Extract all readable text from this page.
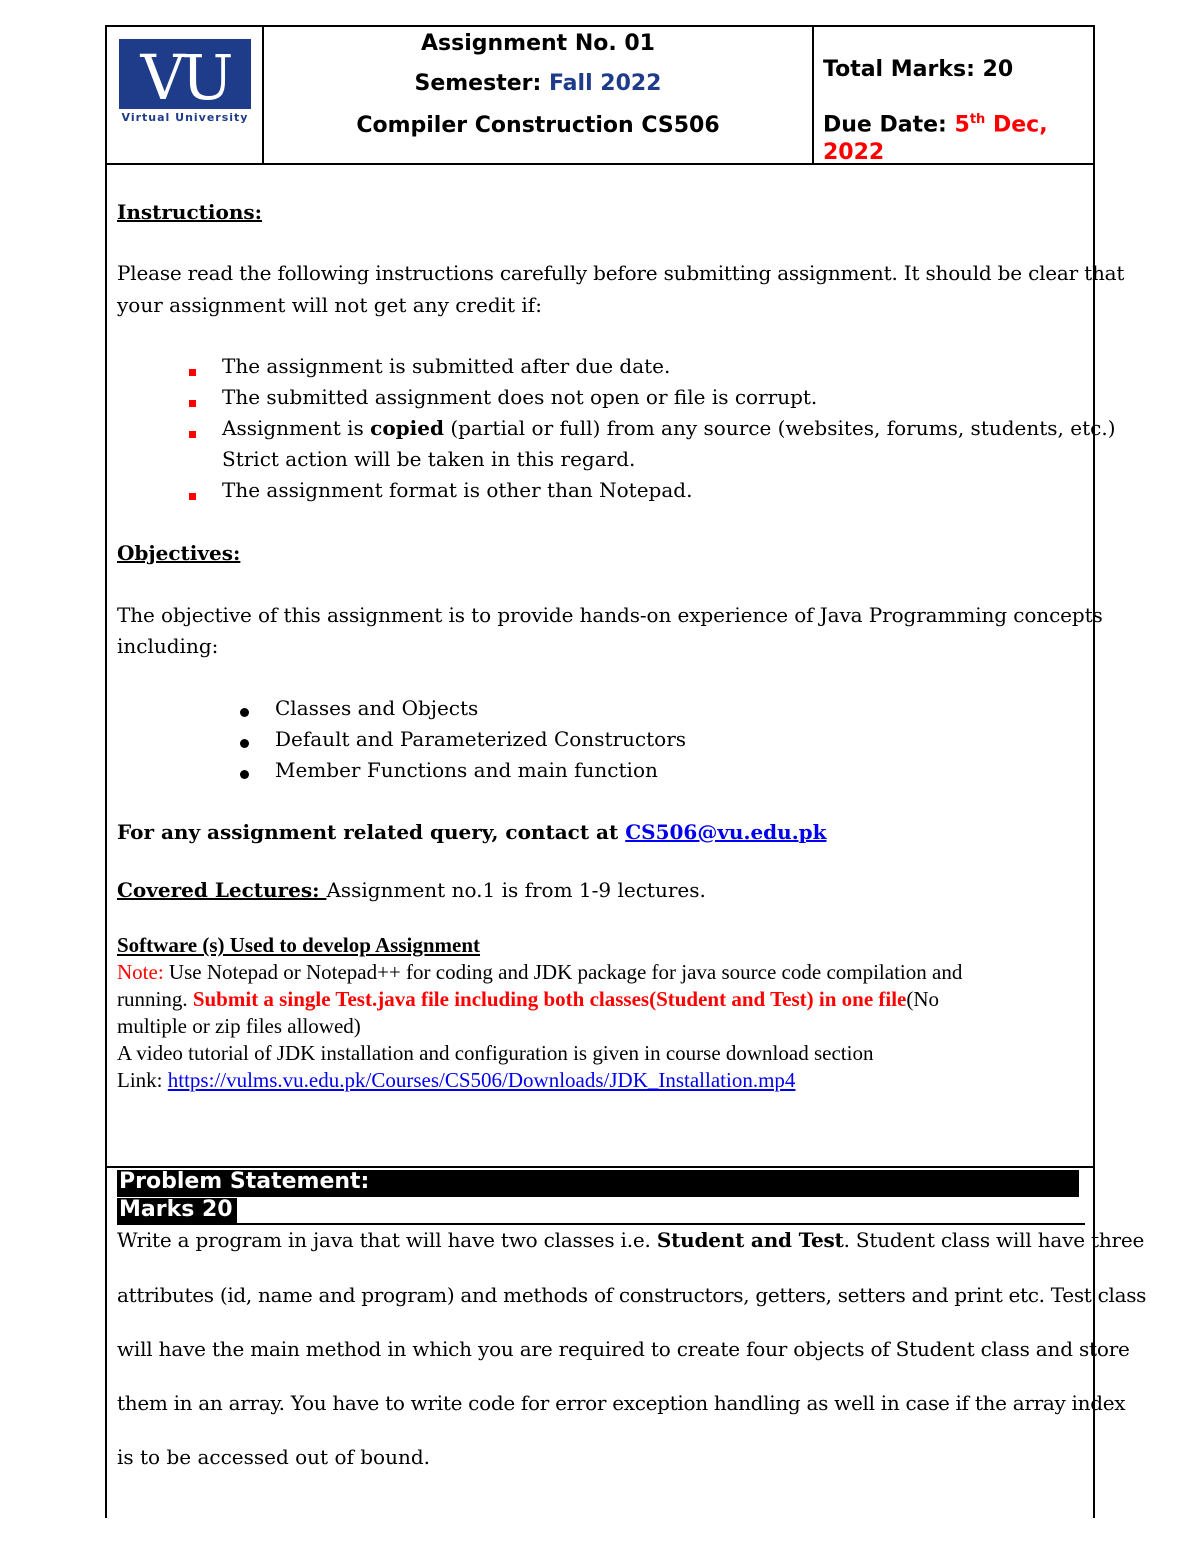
VU
Virtual University
Assignment No. 01
Semester: Fall 2022
Compiler Construction CS506
Total Marks: 20
Due Date: 5th Dec,
2022
Instructions:
Please read the following instructions carefully before submitting assignment. It should be clear that
your assignment will not get any credit if:
The assignment is submitted after due date.
The submitted assignment does not open or file is corrupt.
Assignment is copied (partial or full) from any source (websites, forums, students, etc.)
Strict action will be taken in this regard.
The assignment format is other than Notepad.
Objectives:
The objective of this assignment is to provide hands-on experience of Java Programming concepts
including:
Classes and Objects
Default and Parameterized Constructors
Member Functions and main function
For any assignment related query, contact at CS506@vu.edu.pk
Covered Lectures: Assignment no.1 is from 1-9 lectures.
Software (s) Used to develop Assignment
Note: Use Notepad or Notepad++ for coding and JDK package for java source code compilation and
running. Submit a single Test.java file including both classes(Student and Test) in one file(No
multiple or zip files allowed)
A video tutorial of JDK installation and configuration is given in course download section
Link: https://vulms.vu.edu.pk/Courses/CS506/Downloads/JDK_Installation.mp4
Problem Statement:
Marks 20
Write a program in java that will have two classes i.e. Student and Test. Student class will have three
attributes (id, name and program) and methods of constructors, getters, setters and print etc. Test class
will have the main method in which you are required to create four objects of Student class and store
them in an array. You have to write code for error exception handling as well in case if the array index
is to be accessed out of bound.
